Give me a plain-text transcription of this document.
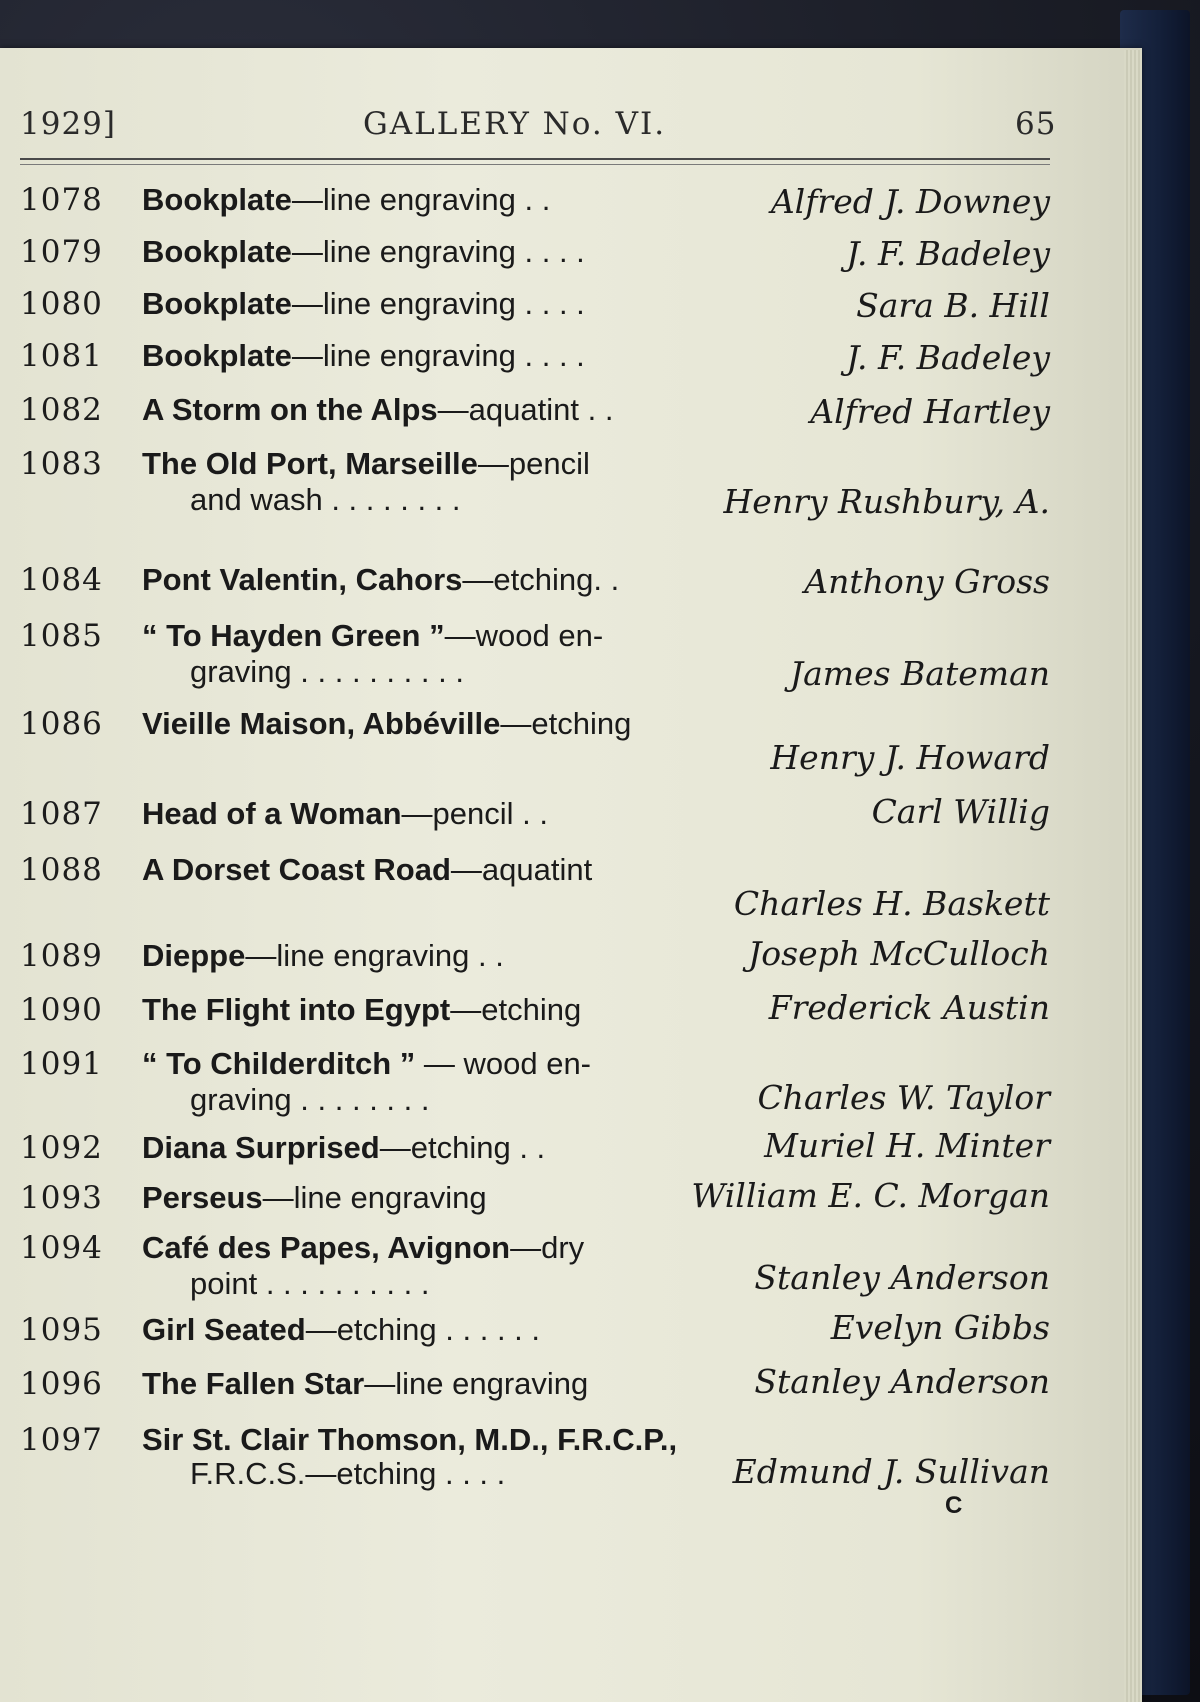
1929]	GALLERY No. VI.	65
1078 Bookplate—line engraving . .	Alfred J. Downey
1079 Bookplate—line engraving . . . .	J. F. Badeley
1080 Bookplate—line engraving . . . .	Sara B. Hill
1081 Bookplate—line engraving . . . .	J. F. Badeley
1082 A Storm on the Alps—aquatint . .	Alfred Hartley
1083 The Old Port, Marseille—pencil
and wash . . . . . . . .	Henry Rushbury, A.
1084 Pont Valentin, Cahors—etching. .	Anthony Gross
1085 “ To Hayden Green ”—wood en-
graving . . . . . . . . . .	James Bateman
1086 Vieille Maison, Abbéville—etching
Henry J. Howard
1087 Head of a Woman—pencil . .	Carl Willig
1088 A Dorset Coast Road—aquatint
Charles H. Baskett
1089 Dieppe—line engraving . .	Joseph McCulloch
1090 The Flight into Egypt—etching	Frederick Austin
1091 “ To Childerditch ” — wood en-
graving . . . . . . . .	Charles W. Taylor
1092 Diana Surprised—etching . .	Muriel H. Minter
1093 Perseus—line engraving	William E. C. Morgan
1094 Café des Papes, Avignon—dry
point . . . . . . . . . .	Stanley Anderson
1095 Girl Seated—etching . . . . . .	Evelyn Gibbs
1096 The Fallen Star—line engraving	Stanley Anderson
1097 Sir St. Clair Thomson, M.D., F.R.C.P.,
F.R.C.S.—etching . . . .	Edmund J. Sullivan
C
